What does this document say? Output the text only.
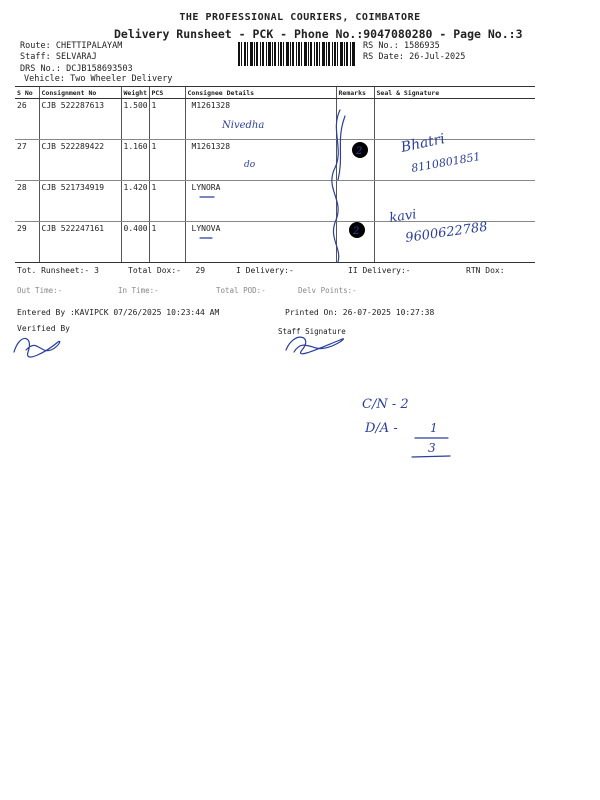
THE PROFESSIONAL COURIERS, COIMBATORE
Delivery Runsheet - PCK - Phone No.:9047080280 - Page No.:3
Route: CHETTIPALAYAM
Staff: SELVARAJ
DRS No.: DCJB158693503
Vehicle: Two Wheeler Delivery
RS No.: 1586935
RS Date: 26-Jul-2025
S No	Consignment No	Weight	PCS	Consignee Details	Remarks	Seal & Signature
26	CJB 522287613	1.500	1	M1261328		
27	CJB 522289422	1.160	1	M1261328		
28	CJB 521734919	1.420	1	LYNORA		
29	CJB 522247161	0.400	1	LYNOVA		
Tot. Runsheet:- 3	Total Dox:- 29	I Delivery:-	II Delivery:-	RTN Dox:
Out Time:-	In Time:-	Total POD:-	Delv Points:-
Entered By :KAVIPCK 07/26/2025 10:23:44 AM	Printed On: 26-07-2025 10:27:38
Verified By	Staff Signature
Nivedha
do
2
2
Bhatri
8110801851
kavi
9600622788
C/N - 2
D/A -	1
3
